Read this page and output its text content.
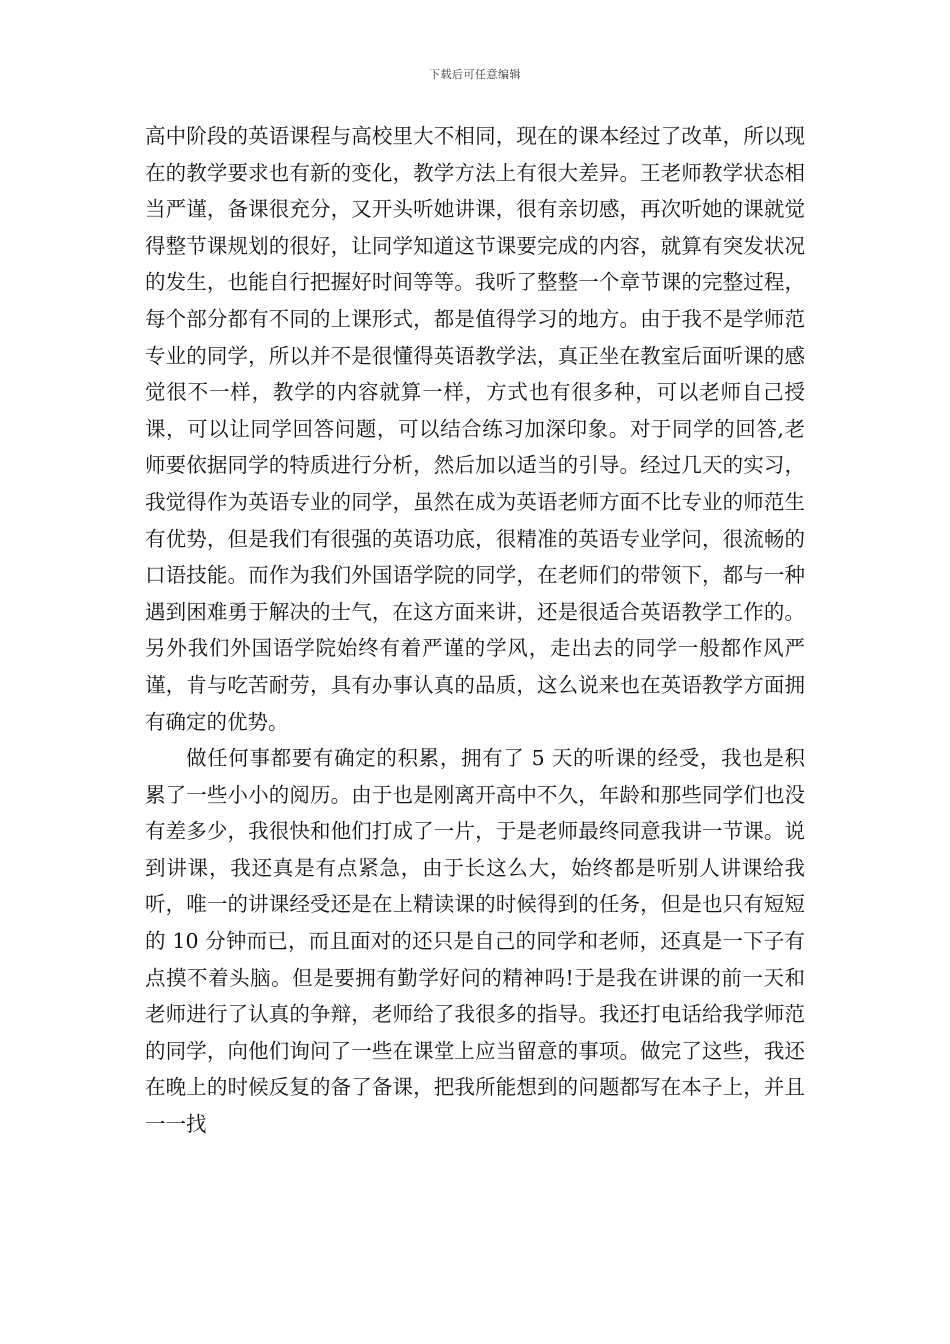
下载后可任意编辑

高中阶段的英语课程与高校里大不相同，现在的课本经过了改革，所以现在的教学要求也有新的变化，教学方法上有很大差异。王老师教学状态相当严谨，备课很充分，又开头听她讲课，很有亲切感，再次听她的课就觉得整节课规划的很好，让同学知道这节课要完成的内容，就算有突发状况的发生，也能自行把握好时间等等。我听了整整一个章节课的完整过程，每个部分都有不同的上课形式，都是值得学习的地方。由于我不是学师范专业的同学，所以并不是很懂得英语教学法，真正坐在教室后面听课的感觉很不一样，教学的内容就算一样，方式也有很多种，可以老师自己授课，可以让同学回答问题，可以结合练习加深印象。对于同学的回答,老师要依据同学的特质进行分析，然后加以适当的引导。经过几天的实习，我觉得作为英语专业的同学，虽然在成为英语老师方面不比专业的师范生有优势，但是我们有很强的英语功底，很精准的英语专业学问，很流畅的口语技能。而作为我们外国语学院的同学，在老师们的带领下，都与一种遇到困难勇于解决的士气，在这方面来讲，还是很适合英语教学工作的。另外我们外国语学院始终有着严谨的学风，走出去的同学一般都作风严谨，肯与吃苦耐劳，具有办事认真的品质，这么说来也在英语教学方面拥有确定的优势。

做任何事都要有确定的积累，拥有了 5 天的听课的经受，我也是积累了一些小小的阅历。由于也是刚离开高中不久，年龄和那些同学们也没有差多少，我很快和他们打成了一片，于是老师最终同意我讲一节课。说到讲课，我还真是有点紧急，由于长这么大，始终都是听别人讲课给我听，唯一的讲课经受还是在上精读课的时候得到的任务，但是也只有短短的 10 分钟而已，而且面对的还只是自己的同学和老师，还真是一下子有点摸不着头脑。但是要拥有勤学好问的精神吗!于是我在讲课的前一天和老师进行了认真的争辩，老师给了我很多的指导。我还打电话给我学师范的同学，向他们询问了一些在课堂上应当留意的事项。做完了这些，我还在晚上的时候反复的备了备课，把我所能想到的问题都写在本子上，并且一一找
